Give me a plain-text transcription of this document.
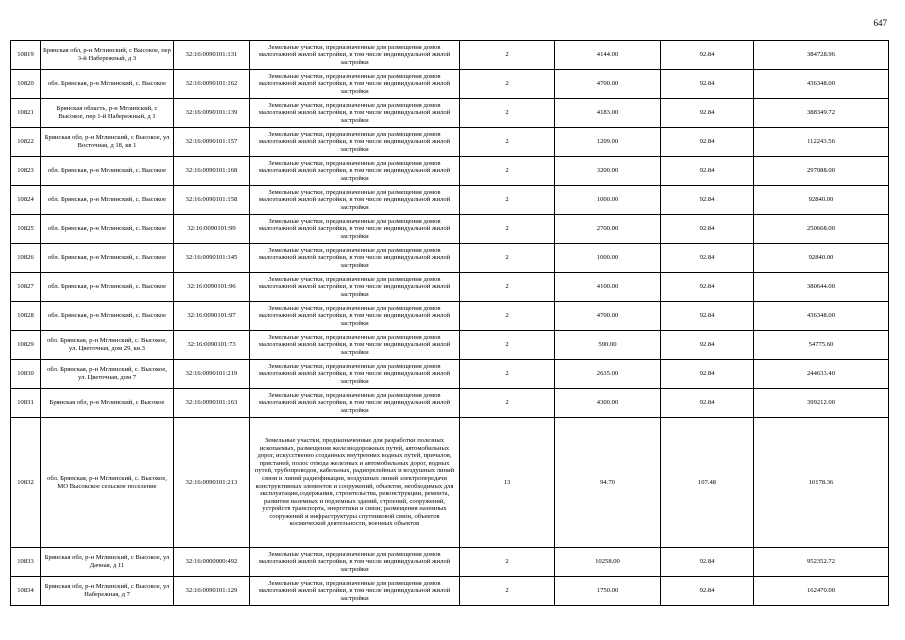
647
10819	Брянская обл, р-н Мглинский, с Высокое, пер 3-й Набережный, д 3	32:16:0090101:131	Земельные участки, предназначенные для размещения домов малоэтажной жилой застройки, в том числе индивидуальной жилой застройки	2	4144.00	92.84	384728.96
10820	обл. Брянская, р-н Мглинский, с. Высокое	32:16:0090101:162	Земельные участки, предназначенные для размещения домов малоэтажной жилой застройки, в том числе индивидуальной жилой застройки	2	4700.00	92.84	436348.00
10821	Брянская область, р-н Мглинский, с Высокое, пер 1-й Набережный, д 1	32:16:0090101:139	Земельные участки, предназначенные для размещения домов малоэтажной жилой застройки, в том числе индивидуальной жилой застройки	2	4183.00	92.84	388349.72
10822	Брянская обл, р-н Мглинский, с Высокое, ул Восточная, д 18, кв 1	32:16:0090101:157	Земельные участки, предназначенные для размещения домов малоэтажной жилой застройки, в том числе индивидуальной жилой застройки	2	1209.00	92.84	112243.56
10823	обл. Брянская, р-н Мглинский, с. Высокое	32:16:0090101:168	Земельные участки, предназначенные для размещения домов малоэтажной жилой застройки, в том числе индивидуальной жилой застройки	2	3200.00	92.84	297088.00
10824	обл. Брянская, р-н Мглинский, с. Высокое	32:16:0090101:158	Земельные участки, предназначенные для размещения домов малоэтажной жилой застройки, в том числе индивидуальной жилой застройки	2	1000.00	92.84	92840.00
10825	обл. Брянская, р-н Мглинский, с. Высокое	32:16:0090101:99	Земельные участки, предназначенные для размещения домов малоэтажной жилой застройки, в том числе индивидуальной жилой застройки	2	2700.00	92.84	250668.00
10826	обл. Брянская, р-н Мглинский, с. Высокое	32:16:0090101:145	Земельные участки, предназначенные для размещения домов малоэтажной жилой застройки, в том числе индивидуальной жилой застройки	2	1000.00	92.84	92840.00
10827	обл. Брянская, р-н Мглинский, с. Высокое	32:16:0090101:96	Земельные участки, предназначенные для размещения домов малоэтажной жилой застройки, в том числе индивидуальной жилой застройки	2	4100.00	92.84	380644.00
10828	обл. Брянская, р-н Мглинский, с. Высокое	32:16:0090101:97	Земельные участки, предназначенные для размещения домов малоэтажной жилой застройки, в том числе индивидуальной жилой застройки	2	4700.00	92.84	436348.00
10829	обл. Брянская, р-н Мглинский, с. Высокое, ул. Цветочная, дом 29, кв.3	32:16:0090101:73	Земельные участки, предназначенные для размещения домов малоэтажной жилой застройки, в том числе индивидуальной жилой застройки	2	590.00	92.84	54775.60
10830	обл. Брянская, р-н Мглинский, с. Высокое, ул. Цветочная, дом 7	32:16:0090101:219	Земельные участки, предназначенные для размещения домов малоэтажной жилой застройки, в том числе индивидуальной жилой застройки	2	2635.00	92.84	244633.40
10831	Брянская обл, р-н Мглинский, с Высокое	32:16:0090101:163	Земельные участки, предназначенные для размещения домов малоэтажной жилой застройки, в том числе индивидуальной жилой застройки	2	4300.00	92.84	399212.00
10832	обл. Брянская, р-н Мглинский, с. Высокое, МО Высокское сельское поселение	32:16:0090101:213	Земельные участки, предназначенные для разработки полезных ископаемых, размещения железнодорожных путей, автомобильных дорог, искусственно созданных внутренних водных путей, причалов, пристаней, полос отвода железных и автомобильных дорог, водных путей, трубопроводов, кабельных, радиорелейных и воздушных линий связи и линий радиофикации, воздушных линий электропередачи конструктивных элементов и сооружений, объектов, необходимых для эксплуатации,содержания, строительства, реконструкции, ремонта, развития наземных и подземных зданий, строений, сооружений, устройств транспорта, энергетики и связи; размещения наземных сооружений и инфраструктуры спутниковой связи, объектов космической деятельности, военных объектов	13	94.70	107.48	10178.36
10833	Брянская обл, р-н Мглинский, с Высокое, ул Дачная, д 11	32:16:0000000:492	Земельные участки, предназначенные для размещения домов малоэтажной жилой застройки, в том числе индивидуальной жилой застройки	2	10258.00	92.84	952352.72
10834	Брянская обл, р-н Мглинский, с Высокое, ул Набережная, д 7	32:16:0090101:129	Земельные участки, предназначенные для размещения домов малоэтажной жилой застройки, в том числе индивидуальной жилой застройки	2	1750.00	92.84	162470.00
